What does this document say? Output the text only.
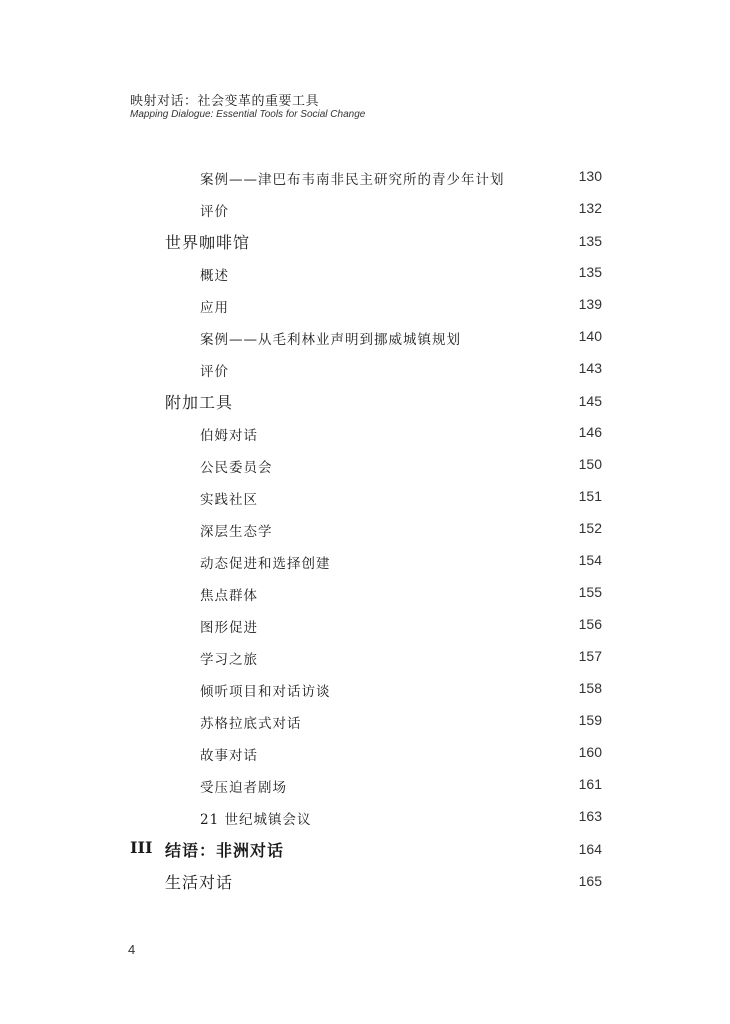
映射对话：社会变革的重要工具
Mapping Dialogue: Essential Tools for Social Change
案例——津巴布韦南非民主研究所的青少年计划	130
评价	132
世界咖啡馆	135
概述	135
应用	139
案例——从毛利林业声明到挪威城镇规划	140
评价	143
附加工具	145
伯姆对话	146
公民委员会	150
实践社区	151
深层生态学	152
动态促进和选择创建	154
焦点群体	155
图形促进	156
学习之旅	157
倾听项目和对话访谈	158
苏格拉底式对话	159
故事对话	160
受压迫者剧场	161
21 世纪城镇会议	163
III 结语：非洲对话	164
生活对话	165
4
